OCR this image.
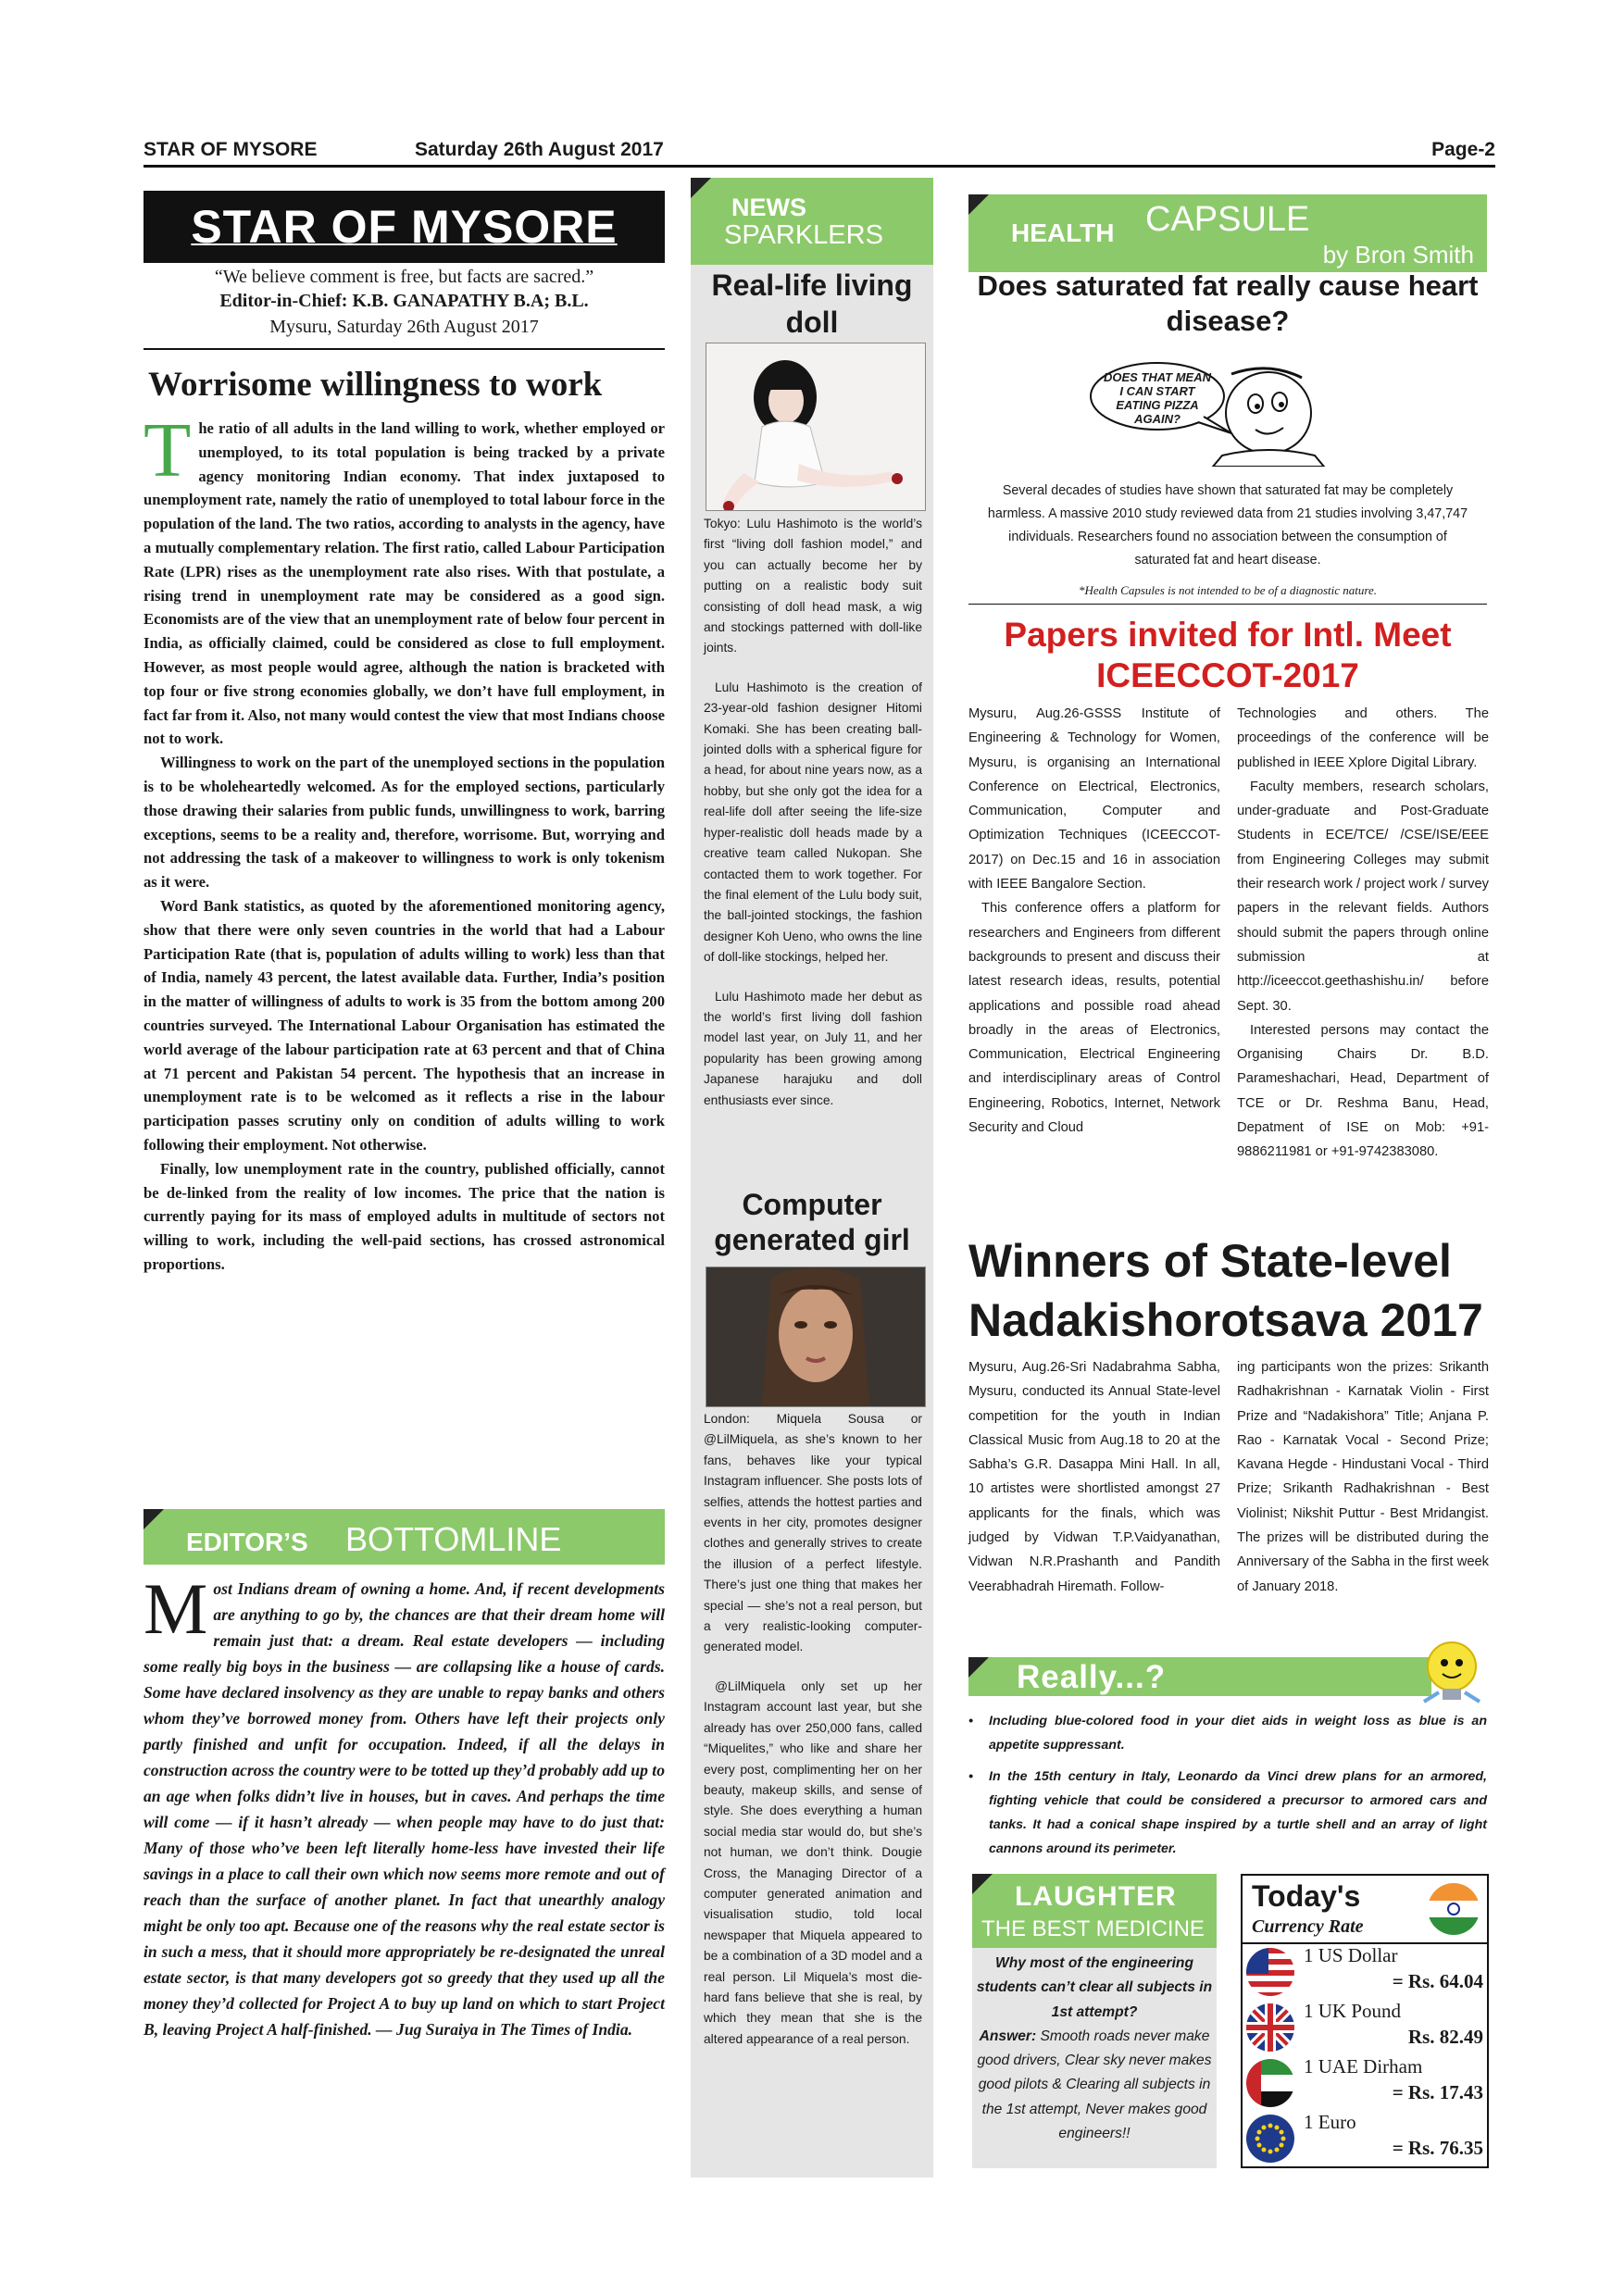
STAR OF MYSORE	Saturday 26th August 2017	Page-2
STAR OF MYSORE

“We believe comment is free, but facts are sacred.”

Editor-in-Chief: K.B. GANAPATHY B.A; B.L.

Mysuru, Saturday 26th August 2017

Worrisome willingness to work
T he ratio of all adults in the land willing to work, whether employed or unemployed, to its total population is being tracked by a private agency monitoring Indian economy. That index juxtaposed to unemployment rate, namely the ratio of unemployed to total labour force in the population of the land. The two ratios, according to analysts in the agency, have a mutually complementary relation. The first ratio, called Labour Participation Rate (LPR) rises as the unemployment rate also rises. With that postulate, a rising trend in unemployment rate may be considered as a good sign. Economists are of the view that an unemployment rate of below four percent in India, as officially claimed, could be considered as close to full employment. However, as most people would agree, although the nation is bracketed with top four or five strong economies globally, we don’t have full employment, in fact far from it. Also, not many would contest the view that most Indians choose not to work.

Willingness to work on the part of the unemployed sections in the population is to be wholeheartedly welcomed. As for the employed sections, particularly those drawing their salaries from public funds, unwillingness to work, barring exceptions, seems to be a reality and, therefore, worrisome. But, worrying and not addressing the task of a makeover to willingness to work is only tokenism as it were.

Word Bank statistics, as quoted by the aforementioned monitoring agency, show that there were only seven countries in the world that had a Labour Participation Rate (that is, population of adults willing to work) less than that of India, namely 43 percent, the latest available data. Further, India’s position in the matter of willingness of adults to work is 35 from the bottom among 200 countries surveyed. The International Labour Organisation has estimated the world average of the labour participation rate at 63 percent and that of China at 71 percent and Pakistan 54 percent. The hypothesis that an increase in unemployment rate is to be welcomed as it reflects a rise in the labour participation passes scrutiny only on condition of adults willing to work following their employment. Not otherwise.

Finally, low unemployment rate in the country, published officially, cannot be de-linked from the reality of low incomes. The price that the nation is currently paying for its mass of employed adults in multitude of sectors not willing to work, including the well-paid sections, has crossed astronomical proportions.

EDITOR’S BOTTOMLINE
M ost Indians dream of owning a home. And, if recent developments are anything to go by, the chances are that their dream home will remain just that: a dream. Real estate developers — including some really big boys in the business — are collapsing like a house of cards. Some have declared insolvency as they are unable to repay banks and others whom they’ve borrowed money from. Others have left their projects only partly finished and unfit for occupation. Indeed, if all the delays in construction across the country were to be totted up they’d probably add up to an age when folks didn’t live in houses, but in caves. And perhaps the time will come — if it hasn’t already — when people may have to do just that: Many of those who’ve been left literally home-less have invested their life savings in a place to call their own which now seems more remote and out of reach than the surface of another planet. In fact that unearthly analogy might be only too apt. Because one of the reasons why the real estate sector is in such a mess, that it should more appropriately be re-designated the unreal estate sector, is that many developers got so greedy that they used up all the money they’d collected for Project A to buy up land on which to start Project B, leaving Project A half-finished. — Jug Suraiya in The Times of India.

NEWS
SPARKLERS
Real-life living doll

Tokyo: Lulu Hashimoto is the world’s first “living doll fashion model,” and you can actually become her by putting on a realistic body suit consisting of doll head mask, a wig and stockings patterned with doll-like joints.

Lulu Hashimoto is the creation of 23-year-old fashion designer Hitomi Komaki. She has been creating ball-jointed dolls with a spherical figure for a head, for about nine years now, as a hobby, but she only got the idea for a real-life doll after seeing the life-size hyper-realistic doll heads made by a creative team called Nukopan. She contacted them to work together. For the final element of the Lulu body suit, the ball-jointed stockings, the fashion designer Koh Ueno, who owns the line of doll-like stockings, helped her.

Lulu Hashimoto made her debut as the world’s first living doll fashion model last year, on July 11, and her popularity has been growing among Japanese harajuku and doll enthusiasts ever since.

Computer generated girl

London: Miquela Sousa or @LilMiquela, as she’s known to her fans, behaves like your typical Instagram influencer. She posts lots of selfies, attends the hottest parties and events in her city, promotes designer clothes and generally strives to create the illusion of a perfect lifestyle. There’s just one thing that makes her special — she’s not a real person, but a very realistic-looking computer-generated model.

@LilMiquela only set up her Instagram account last year, but she already has over 250,000 fans, called “Miquelites,” who like and share her every post, complimenting her on her beauty, makeup skills, and sense of style. She does everything a human social media star would do, but she’s not human, we don’t think. Dougie Cross, the Managing Director of a computer generated animation and visualisation studio, told local newspaper that Miquela appeared to be a combination of a 3D model and a real person. Lil Miquela’s most die-hard fans believe that she is real, by which they mean that she is the altered appearance of a real person.

HEALTH CAPSULE
by Bron Smith
Does saturated fat really cause heart disease?
DOES THAT MEAN I CAN START EATING PIZZA AGAIN?

Several decades of studies have shown that saturated fat may be completely harmless. A massive 2010 study reviewed data from 21 studies involving 3,47,747 individuals. Researchers found no association between the consumption of saturated fat and heart disease.

*Health Capsules is not intended to be of a diagnostic nature.

Papers invited for Intl. Meet ICEECCOT-2017

Mysuru, Aug.26-GSSS Institute of Engineering & Technology for Women, Mysuru, is organising an International Conference on Electrical, Electronics, Communication, Computer and Optimization Techniques (ICEECCOT-2017) on Dec.15 and 16 in association with IEEE Bangalore Section.

This conference offers a platform for researchers and Engineers from different backgrounds to present and discuss their latest research ideas, results, potential applications and possible road ahead broadly in the areas of Electronics, Communication, Electrical Engineering and interdisciplinary areas of Control Engineering, Robotics, Internet, Network Security and Cloud

Technologies and others. The proceedings of the conference will be published in IEEE Xplore Digital Library.

Faculty members, research scholars, under-graduate and Post-Graduate Students in ECE/TCE/ /CSE/ISE/EEE from Engineering Colleges may submit their research work / project work / survey papers in the relevant fields. Authors should submit the papers through online submission at http://iceeccot.geethashishu.in/ before Sept. 30.

Interested persons may contact the Organising Chairs Dr. B.D. Parameshachari, Head, Department of TCE or Dr. Reshma Banu, Head, Depatment of ISE on Mob: +91-9886211981 or +91-9742383080.

Winners of State-level Nadakishorotsava 2017

Mysuru, Aug.26-Sri Nadabrahma Sabha, Mysuru, conducted its Annual State-level competition for the youth in Indian Classical Music from Aug.18 to 20 at the Sabha’s G.R. Dasappa Mini Hall. In all, 10 artistes were shortlisted amongst 27 applicants for the finals, which was judged by Vidwan T.P.Vaidyanathan, Vidwan N.R.Prashanth and Pandith Veerabhadrah Hiremath. Follow-

ing participants won the prizes: Srikanth Radhakrishnan - Karnatak Violin - First Prize and “Nadakishora” Title; Anjana P. Rao - Karnatak Vocal - Second Prize; Kavana Hegde - Hindustani Vocal - Third Prize; Srikanth Radhakrishnan - Best Violinist; Nikshit Puttur - Best Mridangist. The prizes will be distributed during the Anniversary of the Sabha in the first week of January 2018.

Really...?
• Including blue-colored food in your diet aids in weight loss as blue is an appetite suppressant.
• In the 15th century in Italy, Leonardo da Vinci drew plans for an armored, fighting vehicle that could be considered a precursor to armored cars and tanks. It had a conical shape inspired by a turtle shell and an array of light cannons around its perimeter.
LAUGHTER
THE BEST MEDICINE

Why most of the engineering students can’t clear all subjects in 1st attempt?

Answer: Smooth roads never make good drivers, Clear sky never makes good pilots & Clearing all subjects in the 1st attempt, Never makes good engineers!!

Today's
Currency Rate
1 US Dollar
= Rs. 64.04
1 UK Pound
Rs. 82.49
1 UAE Dirham
= Rs. 17.43
1 Euro
= Rs. 76.35
